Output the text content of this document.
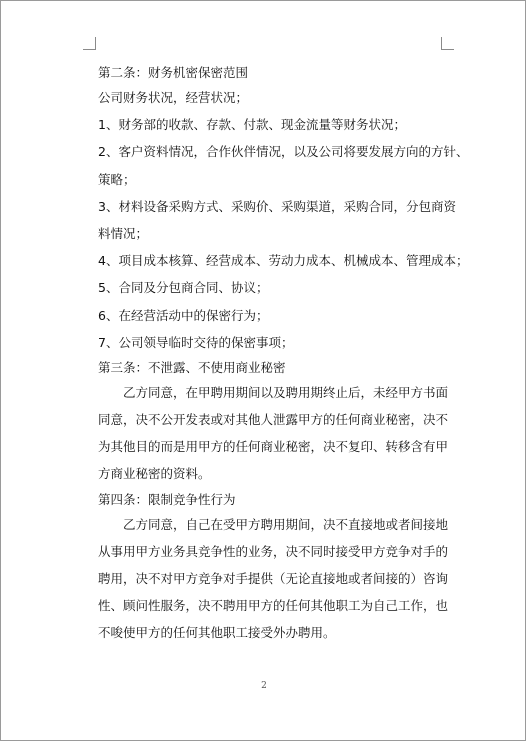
第二条：财务机密保密范围
公司财务状况，经营状况；
1、财务部的收款、存款、付款、现金流量等财务状况；
2、客户资料情况，合作伙伴情况，以及公司将要发展方向的方针、
策略；
3、材料设备采购方式、采购价、采购渠道，采购合同，分包商资
料情况；
4、项目成本核算、经营成本、劳动力成本、机械成本、管理成本；
5、合同及分包商合同、协议；
6、在经营活动中的保密行为；
7、公司领导临时交待的保密事项；
第三条：不泄露、不使用商业秘密
乙方同意，在甲聘用期间以及聘用期终止后，未经甲方书面
同意，决不公开发表或对其他人泄露甲方的任何商业秘密，决不
为其他目的而是用甲方的任何商业秘密，决不复印、转移含有甲
方商业秘密的资料。
第四条：限制竞争性行为
乙方同意，自己在受甲方聘用期间，决不直接地或者间接地
从事用甲方业务具竞争性的业务，决不同时接受甲方竞争对手的
聘用，决不对甲方竞争对手提供（无论直接地或者间接的）咨询
性、顾问性服务，决不聘用甲方的任何其他职工为自己工作，也
不唆使甲方的任何其他职工接受外办聘用。
2
